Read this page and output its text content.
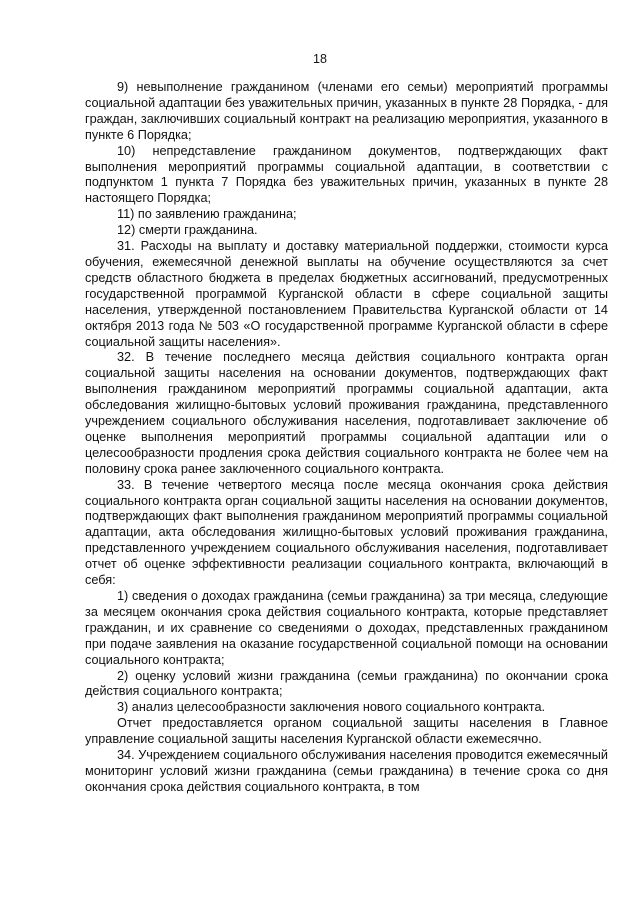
18

9) невыполнение гражданином (членами его семьи) мероприятий программы социальной адаптации без уважительных причин, указанных в пункте 28 Порядка, - для граждан, заключивших социальный контракт на реализацию мероприятия, указанного в пункте 6 Порядка;

10) непредставление гражданином документов, подтверждающих факт выполнения мероприятий программы социальной адаптации, в соответствии с подпунктом 1 пункта 7 Порядка без уважительных причин, указанных в пункте 28 настоящего Порядка;

11) по заявлению гражданина;

12) смерти гражданина.

31. Расходы на выплату и доставку материальной поддержки, стоимости курса обучения, ежемесячной денежной выплаты на обучение осуществляются за счет средств областного бюджета в пределах бюджетных ассигнований, предусмотренных государственной программой Курганской области в сфере социальной защиты населения, утвержденной постановлением Правительства Курганской области от 14 октября 2013 года № 503 «О государственной программе Курганской области в сфере социальной защиты населения».

32. В течение последнего месяца действия социального контракта орган социальной защиты населения на основании документов, подтверждающих факт выполнения гражданином мероприятий программы социальной адаптации, акта обследования жилищно-бытовых условий проживания гражданина, представленного учреждением социального обслуживания населения, подготавливает заключение об оценке выполнения мероприятий программы социальной адаптации или о целесообразности продления срока действия социального контракта не более чем на половину срока ранее заключенного социального контракта.

33. В течение четвертого месяца после месяца окончания срока действия социального контракта орган социальной защиты населения на основании документов, подтверждающих факт выполнения гражданином мероприятий программы социальной адаптации, акта обследования жилищно-бытовых условий проживания гражданина, представленного учреждением социального обслуживания населения, подготавливает отчет об оценке эффективности реализации социального контракта, включающий в себя:

1) сведения о доходах гражданина (семьи гражданина) за три месяца, следующие за месяцем окончания срока действия социального контракта, которые представляет гражданин, и их сравнение со сведениями о доходах, представленных гражданином при подаче заявления на оказание государственной социальной помощи на основании социального контракта;

2) оценку условий жизни гражданина (семьи гражданина) по окончании срока действия социального контракта;

3) анализ целесообразности заключения нового социального контракта.

Отчет предоставляется органом социальной защиты населения в Главное управление социальной защиты населения Курганской области ежемесячно.

34. Учреждением социального обслуживания населения проводится ежемесячный мониторинг условий жизни гражданина (семьи гражданина) в течение срока со дня окончания срока действия социального контракта, в том
